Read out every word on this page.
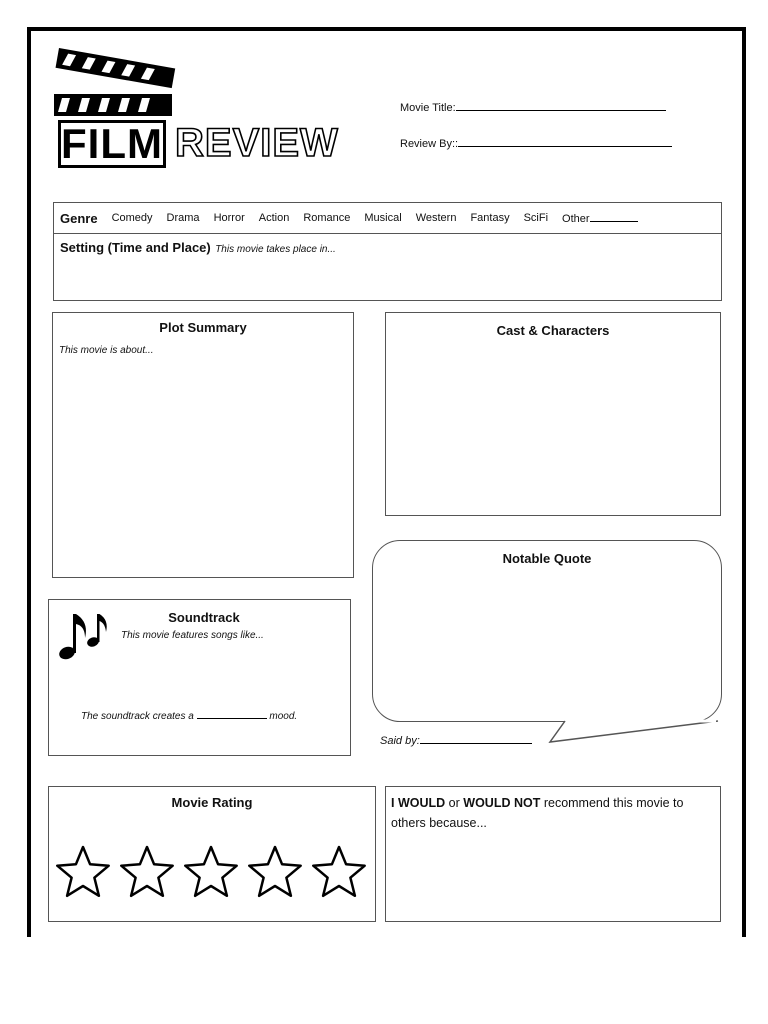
FILM REVIEW
Movie Title:
Review By::
Genre Comedy Drama Horror Action Romance Musical Western Fantasy SciFi Other
Setting (Time and Place) This movie takes place in...
Plot Summary
This movie is about...
Cast & Characters
Notable Quote
Said by:
Soundtrack
This movie features songs like...
The soundtrack creates a	mood.
Movie Rating	I WOULD or WOULD NOT recommend this movie to
others because...
